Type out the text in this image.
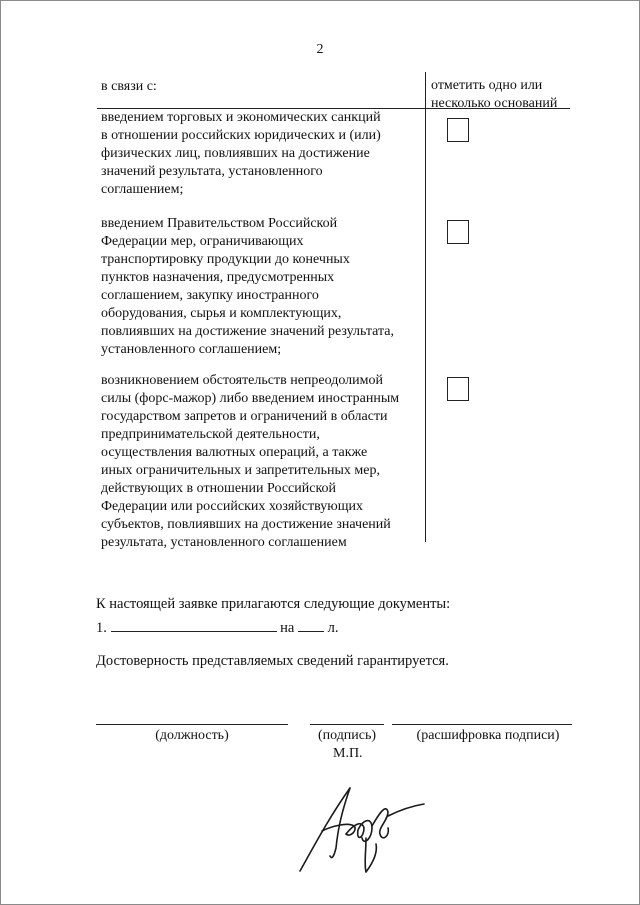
2
в связи с:	отметить одно или
несколько оснований
введением торговых и экономических санкций
в отношении российских юридических и (или)
физических лиц, повлиявших на достижение
значений результата, установленного
соглашением;
введением Правительством Российской
Федерации мер, ограничивающих
транспортировку продукции до конечных
пунктов назначения, предусмотренных
соглашением, закупку иностранного
оборудования, сырья и комплектующих,
повлиявших на достижение значений результата,
установленного соглашением;
возникновением обстоятельств непреодолимой
силы (форс-мажор) либо введением иностранным
государством запретов и ограничений в области
предпринимательской деятельности,
осуществления валютных операций, а также
иных ограничительных и запретительных мер,
действующих в отношении Российской
Федерации или российских хозяйствующих
субъектов, повлиявших на достижение значений
результата, установленного соглашением
К настоящей заявке прилагаются следующие документы:
1.	на л.
Достоверность представляемых сведений гарантируется.
(должность)	(подпись)	(расшифровка подписи)
М.П.
